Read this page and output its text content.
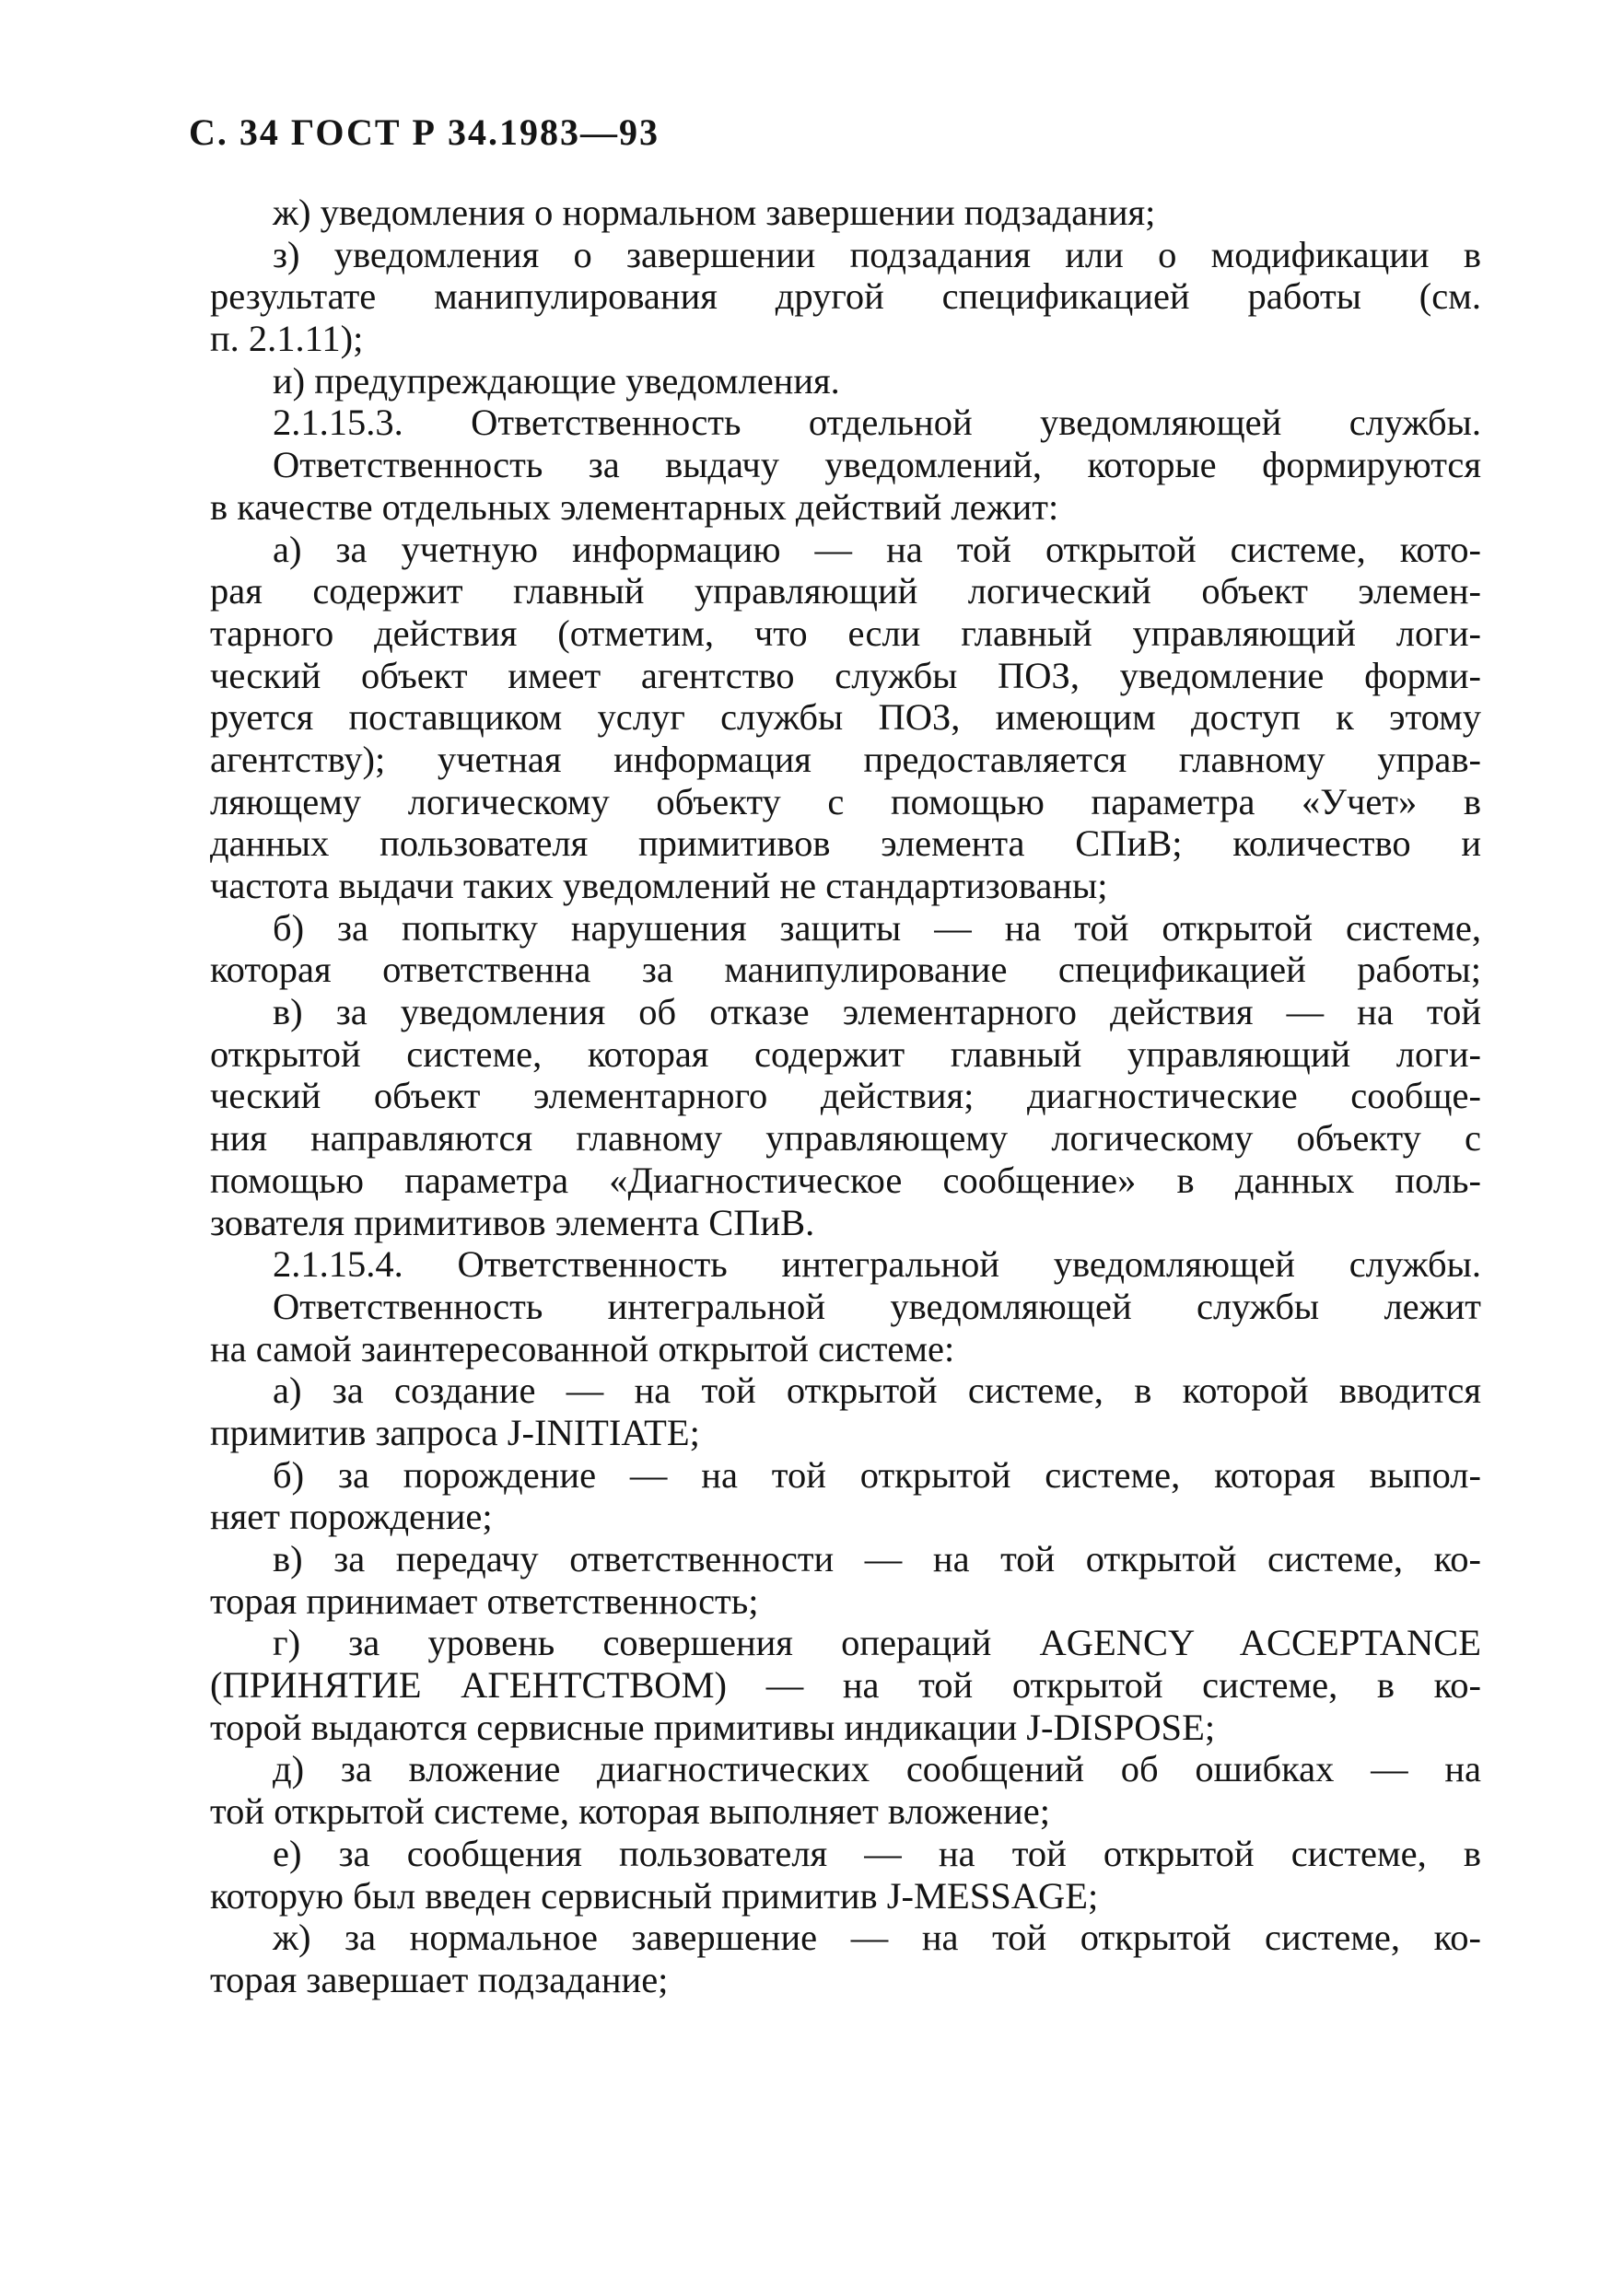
С. 34 ГОСТ Р 34.1983—93
ж) уведомления о нормальном завершении подзадания;
з) уведомления о завершении подзадания или о модификации в
результате манипулирования другой спецификацией работы (см.
п. 2.1.11);
и) предупреждающие уведомления.
2.1.15.3. Ответственность отдельной уведомляющей службы.
Ответственность за выдачу уведомлений, которые формируются
в качестве отдельных элементарных действий лежит:
а) за учетную информацию — на той открытой системе, кото-
рая содержит главный управляющий логический объект элемен-
тарного действия (отметим, что если главный управляющий логи-
ческий объект имеет агентство службы ПОЗ, уведомление форми-
руется поставщиком услуг службы ПОЗ, имеющим доступ к этому
агентству); учетная информация предоставляется главному управ-
ляющему логическому объекту с помощью параметра «Учет» в
данных пользователя примитивов элемента СПиВ; количество и
частота выдачи таких уведомлений не стандартизованы;
б) за попытку нарушения защиты — на той открытой системе,
которая ответственна за манипулирование спецификацией работы;
в) за уведомления об отказе элементарного действия — на той
открытой системе, которая содержит главный управляющий логи-
ческий объект элементарного действия; диагностические сообще-
ния направляются главному управляющему логическому объекту с
помощью параметра «Диагностическое сообщение» в данных поль-
зователя примитивов элемента СПиВ.
2.1.15.4. Ответственность интегральной уведомляющей службы.
Ответственность интегральной уведомляющей службы лежит
на самой заинтересованной открытой системе:
а) за создание — на той открытой системе, в которой вводится
примитив запроса J-INITIATE;
б) за порождение — на той открытой системе, которая выпол-
няет порождение;
в) за передачу ответственности — на той открытой системе, ко-
торая принимает ответственность;
г) за уровень совершения операций AGENCY ACCEPTANCE
(ПРИНЯТИЕ АГЕНТСТВОМ) — на той открытой системе, в ко-
торой выдаются сервисные примитивы индикации J-DISPOSE;
д) за вложение диагностических сообщений об ошибках — на
той открытой системе, которая выполняет вложение;
е) за сообщения пользователя — на той открытой системе, в
которую был введен сервисный примитив J-MESSAGE;
ж) за нормальное завершение — на той открытой системе, ко-
торая завершает подзадание;
